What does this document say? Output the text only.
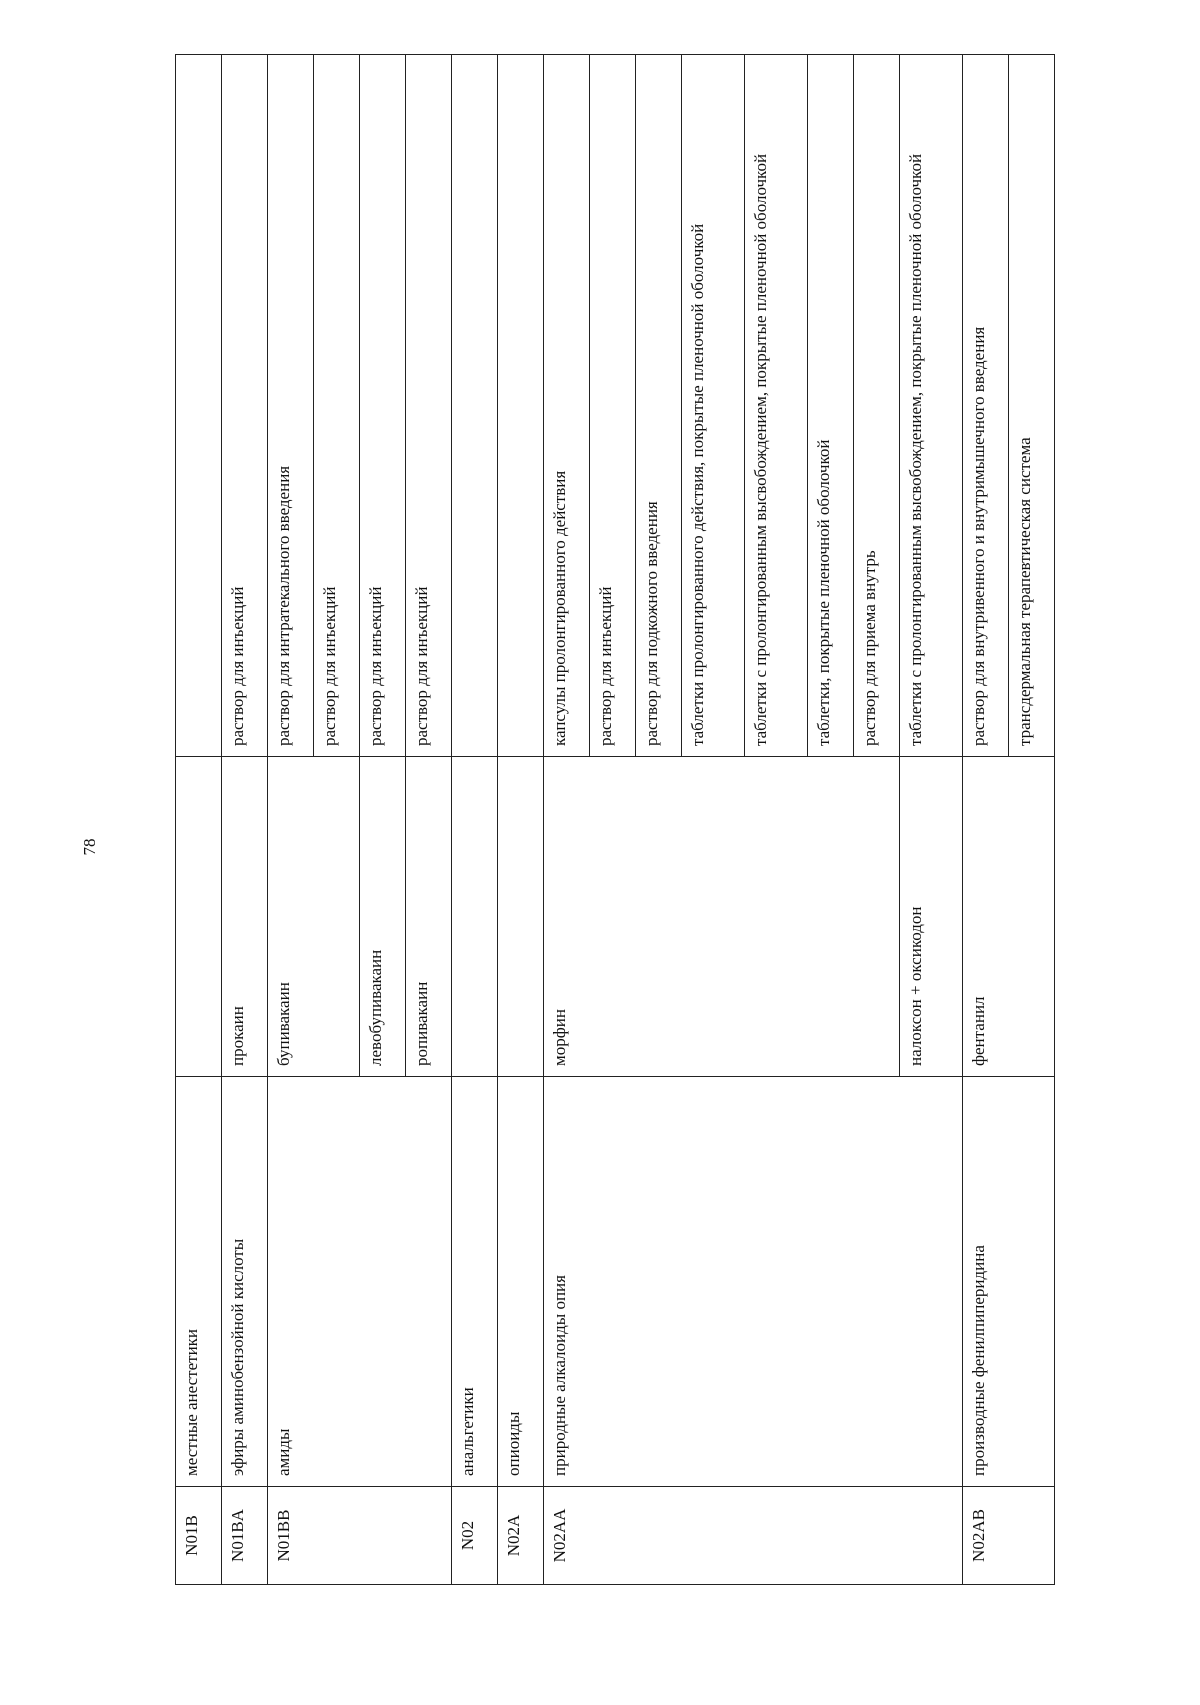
78
N01B	местные анестетики		
N01BA	эфиры аминобензойной кислоты	прокаин	раствор для инъекций
N01BB	амиды	бупивакаин	раствор для интратекального введения
			раствор для инъекций
		левобупивакаин	раствор для инъекций
		ропивакаин	раствор для инъекций
N02	анальгетики		
N02A	опиоиды		
N02AA	природные алкалоиды опия	морфин	капсулы пролонгированного действия
			раствор для инъекций
			раствор для подкожного введения
			таблетки пролонгированного действия, покрытые пленочной оболочкой
			таблетки с пролонгированным высвобождением, покрытые пленочной оболочкой
			таблетки, покрытые пленочной оболочкой
			раствор для приема внутрь
		налоксон + оксикодон	таблетки с пролонгированным высвобождением, покрытые пленочной оболочкой
N02AB	производные фенилпиперидина	фентанил	раствор для внутривенного и внутримышечного введения
			трансдермальная терапевтическая система
